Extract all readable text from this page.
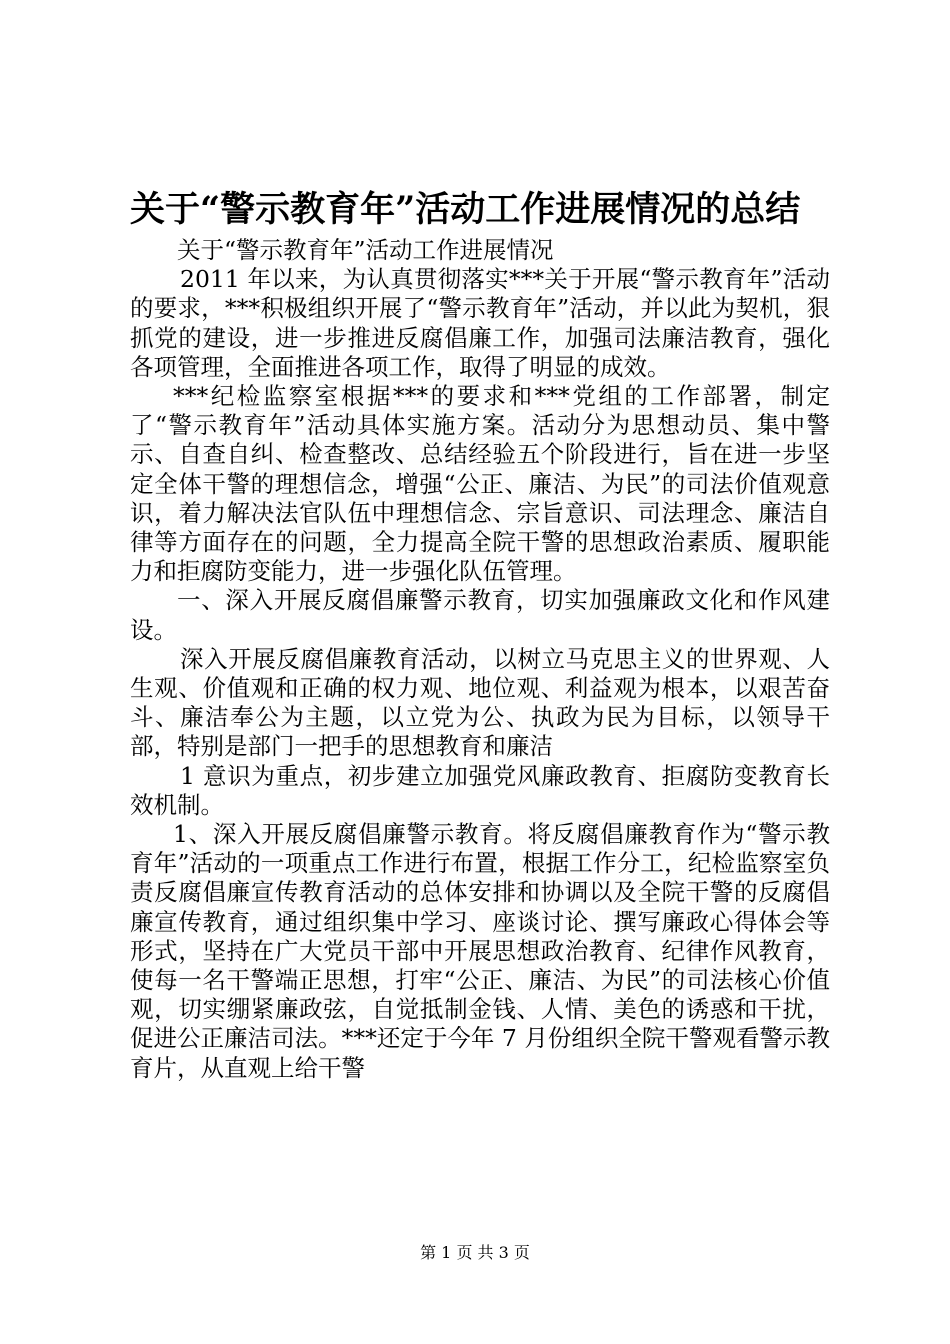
关于“警示教育年”活动工作进展情况的总结

关于“警示教育年”活动工作进展情况

2011 年以来，为认真贯彻落实***关于开展“警示教育年”活动的要求，***积极组织开展了“警示教育年”活动，并以此为契机，狠抓党的建设，进一步推进反腐倡廉工作，加强司法廉洁教育，强化各项管理，全面推进各项工作，取得了明显的成效。

***纪检监察室根据***的要求和***党组的工作部署，制定了“警示教育年”活动具体实施方案。活动分为思想动员、集中警示、自查自纠、检查整改、总结经验五个阶段进行，旨在进一步坚定全体干警的理想信念，增强“公正、廉洁、为民”的司法价值观意识，着力解决法官队伍中理想信念、宗旨意识、司法理念、廉洁自律等方面存在的问题，全力提高全院干警的思想政治素质、履职能力和拒腐防变能力，进一步强化队伍管理。

一、深入开展反腐倡廉警示教育，切实加强廉政文化和作风建设。

深入开展反腐倡廉教育活动，以树立马克思主义的世界观、人生观、价值观和正确的权力观、地位观、利益观为根本，以艰苦奋斗、廉洁奉公为主题，以立党为公、执政为民为目标，以领导干部，特别是部门一把手的思想教育和廉洁

1 意识为重点，初步建立加强党风廉政教育、拒腐防变教育长效机制。

1、深入开展反腐倡廉警示教育。将反腐倡廉教育作为“警示教育年”活动的一项重点工作进行布置，根据工作分工，纪检监察室负责反腐倡廉宣传教育活动的总体安排和协调以及全院干警的反腐倡廉宣传教育，通过组织集中学习、座谈讨论、撰写廉政心得体会等形式，坚持在广大党员干部中开展思想政治教育、纪律作风教育，使每一名干警端正思想，打牢“公正、廉洁、为民”的司法核心价值观，切实绷紧廉政弦，自觉抵制金钱、人情、美色的诱惑和干扰，促进公正廉洁司法。***还定于今年 7 月份组织全院干警观看警示教育片，从直观上给干警

第 1 页 共 3 页
